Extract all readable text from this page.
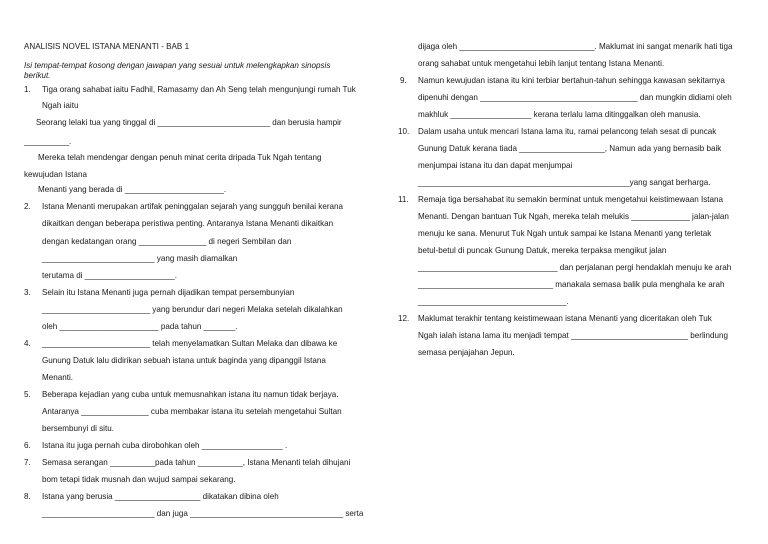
ANALISIS NOVEL ISTANA MENANTI - BAB 1
Isi tempat-tempat kosong dengan jawapan yang sesuai untuk melengkapkan sinopsis
berikut.
1. Tiga orang sahabat iaitu Fadhil, Ramasamy dan Ah Seng telah mengunjungi rumah Tuk
Ngah iaitu
Seorang lelaki tua yang tinggal di _________________________ dan berusia hampir
__________.
Mereka telah mendengar dengan penuh minat cerita dripada Tuk Ngah tentang
kewujudan Istana
Menanti yang berada di ______________________.
2. Istana Menanti merupakan artifak peninggalan sejarah yang sungguh benilai kerana
dikaitkan dengan beberapa peristiwa penting. Antaranya Istana Menanti dikaitkan
dengan kedatangan orang _______________ di negeri Sembilan dan
_________________________ yang masih diamalkan
terutama di ____________________.
3. Selain itu Istana Menanti juga pernah dijadikan tempat persembunyian
________________________ yang berundur dari negeri Melaka setelah dikalahkan
oleh ______________________ pada tahun _______.
4. ________________________ telah menyelamatkan Sultan Melaka dan dibawa ke
Gunung Datuk lalu didirikan sebuah istana untuk baginda yang dipanggil Istana
Menanti.
5. Beberapa kejadian yang cuba untuk memusnahkan istana itu namun tidak berjaya.
Antaranya _______________ cuba membakar istana itu setelah mengetahui Sultan
bersembunyi di situ.
6. Istana itu juga pernah cuba dirobohkan oleh __________________ .
7. Semasa serangan __________pada tahun __________, Istana Menanti telah dihujani
bom tetapi tidak musnah dan wujud sampai sekarang.
8. Istana yang berusia ___________________ dikatakan dibina oleh
_________________________ dan juga __________________________________ serta
dijaga oleh ______________________________. Maklumat ini sangat menarik hati tiga
orang sahabat untuk mengetahui lebih lanjut tentang Istana Menanti.
9. Namun kewujudan istana itu kini terbiar bertahun-tahun sehingga kawasan sekitarnya
dipenuhi dengan ___________________________________ dan mungkin didiami oleh
makhluk __________________ kerana terlalu lama ditinggalkan oleh manusia.
10. Dalam usaha untuk mencari Istana lama itu, ramai pelancong telah sesat di puncak
Gunung Datuk kerana tiada ___________________, Namun ada yang bernasib baik
menjumpai istana itu dan dapat menjumpai
_______________________________________________yang sangat berharga.
11. Remaja tiga bersahabat itu semakin berminat untuk mengetahui keistimewaan Istana
Menanti. Dengan bantuan Tuk Ngah, mereka telah melukis _____________ jalan-jalan
menuju ke sana. Menurut Tuk Ngah untuk sampai ke Istana Menanti yang terletak
betul-betul di puncak Gunung Datuk, mereka terpaksa mengikut jalan
_______________________________ dan perjalanan pergi hendaklah menuju ke arah
______________________________ manakala semasa balik pula menghala ke arah
_________________________________.
12. Maklumat terakhir tentang keistimewaan istana Menanti yang diceritakan oleh Tuk
Ngah ialah istana lama itu menjadi tempat __________________________ berlindung
semasa penjajahan Jepun.
